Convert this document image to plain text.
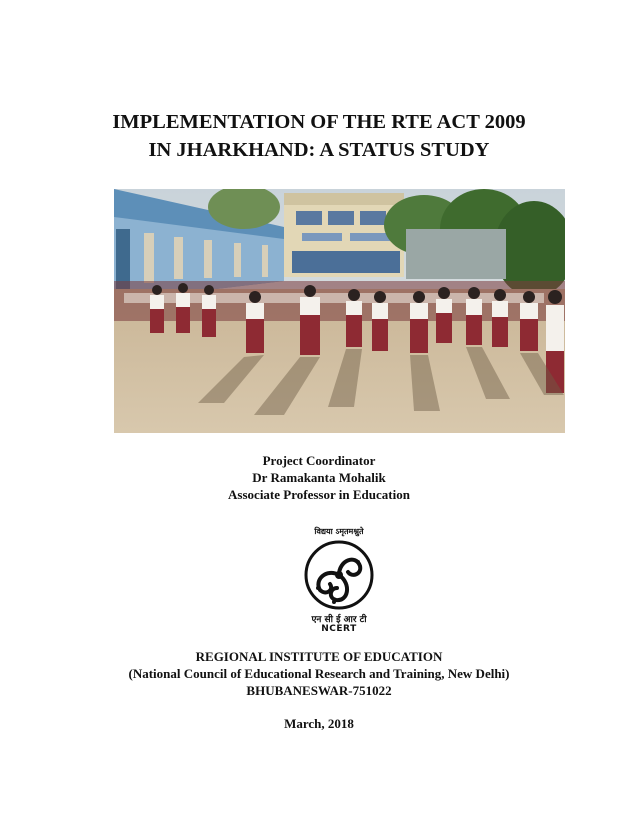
IMPLEMENTATION OF THE RTE ACT 2009
IN JHARKHAND: A STATUS STUDY
Project Coordinator
Dr Ramakanta Mohalik
Associate Professor in Education
विद्यया ऽमृतमश्नुते
एन सी ई आर टी
NCERT
REGIONAL INSTITUTE OF EDUCATION
(National Council of Educational Research and Training, New Delhi)
BHUBANESWAR-751022
March, 2018
